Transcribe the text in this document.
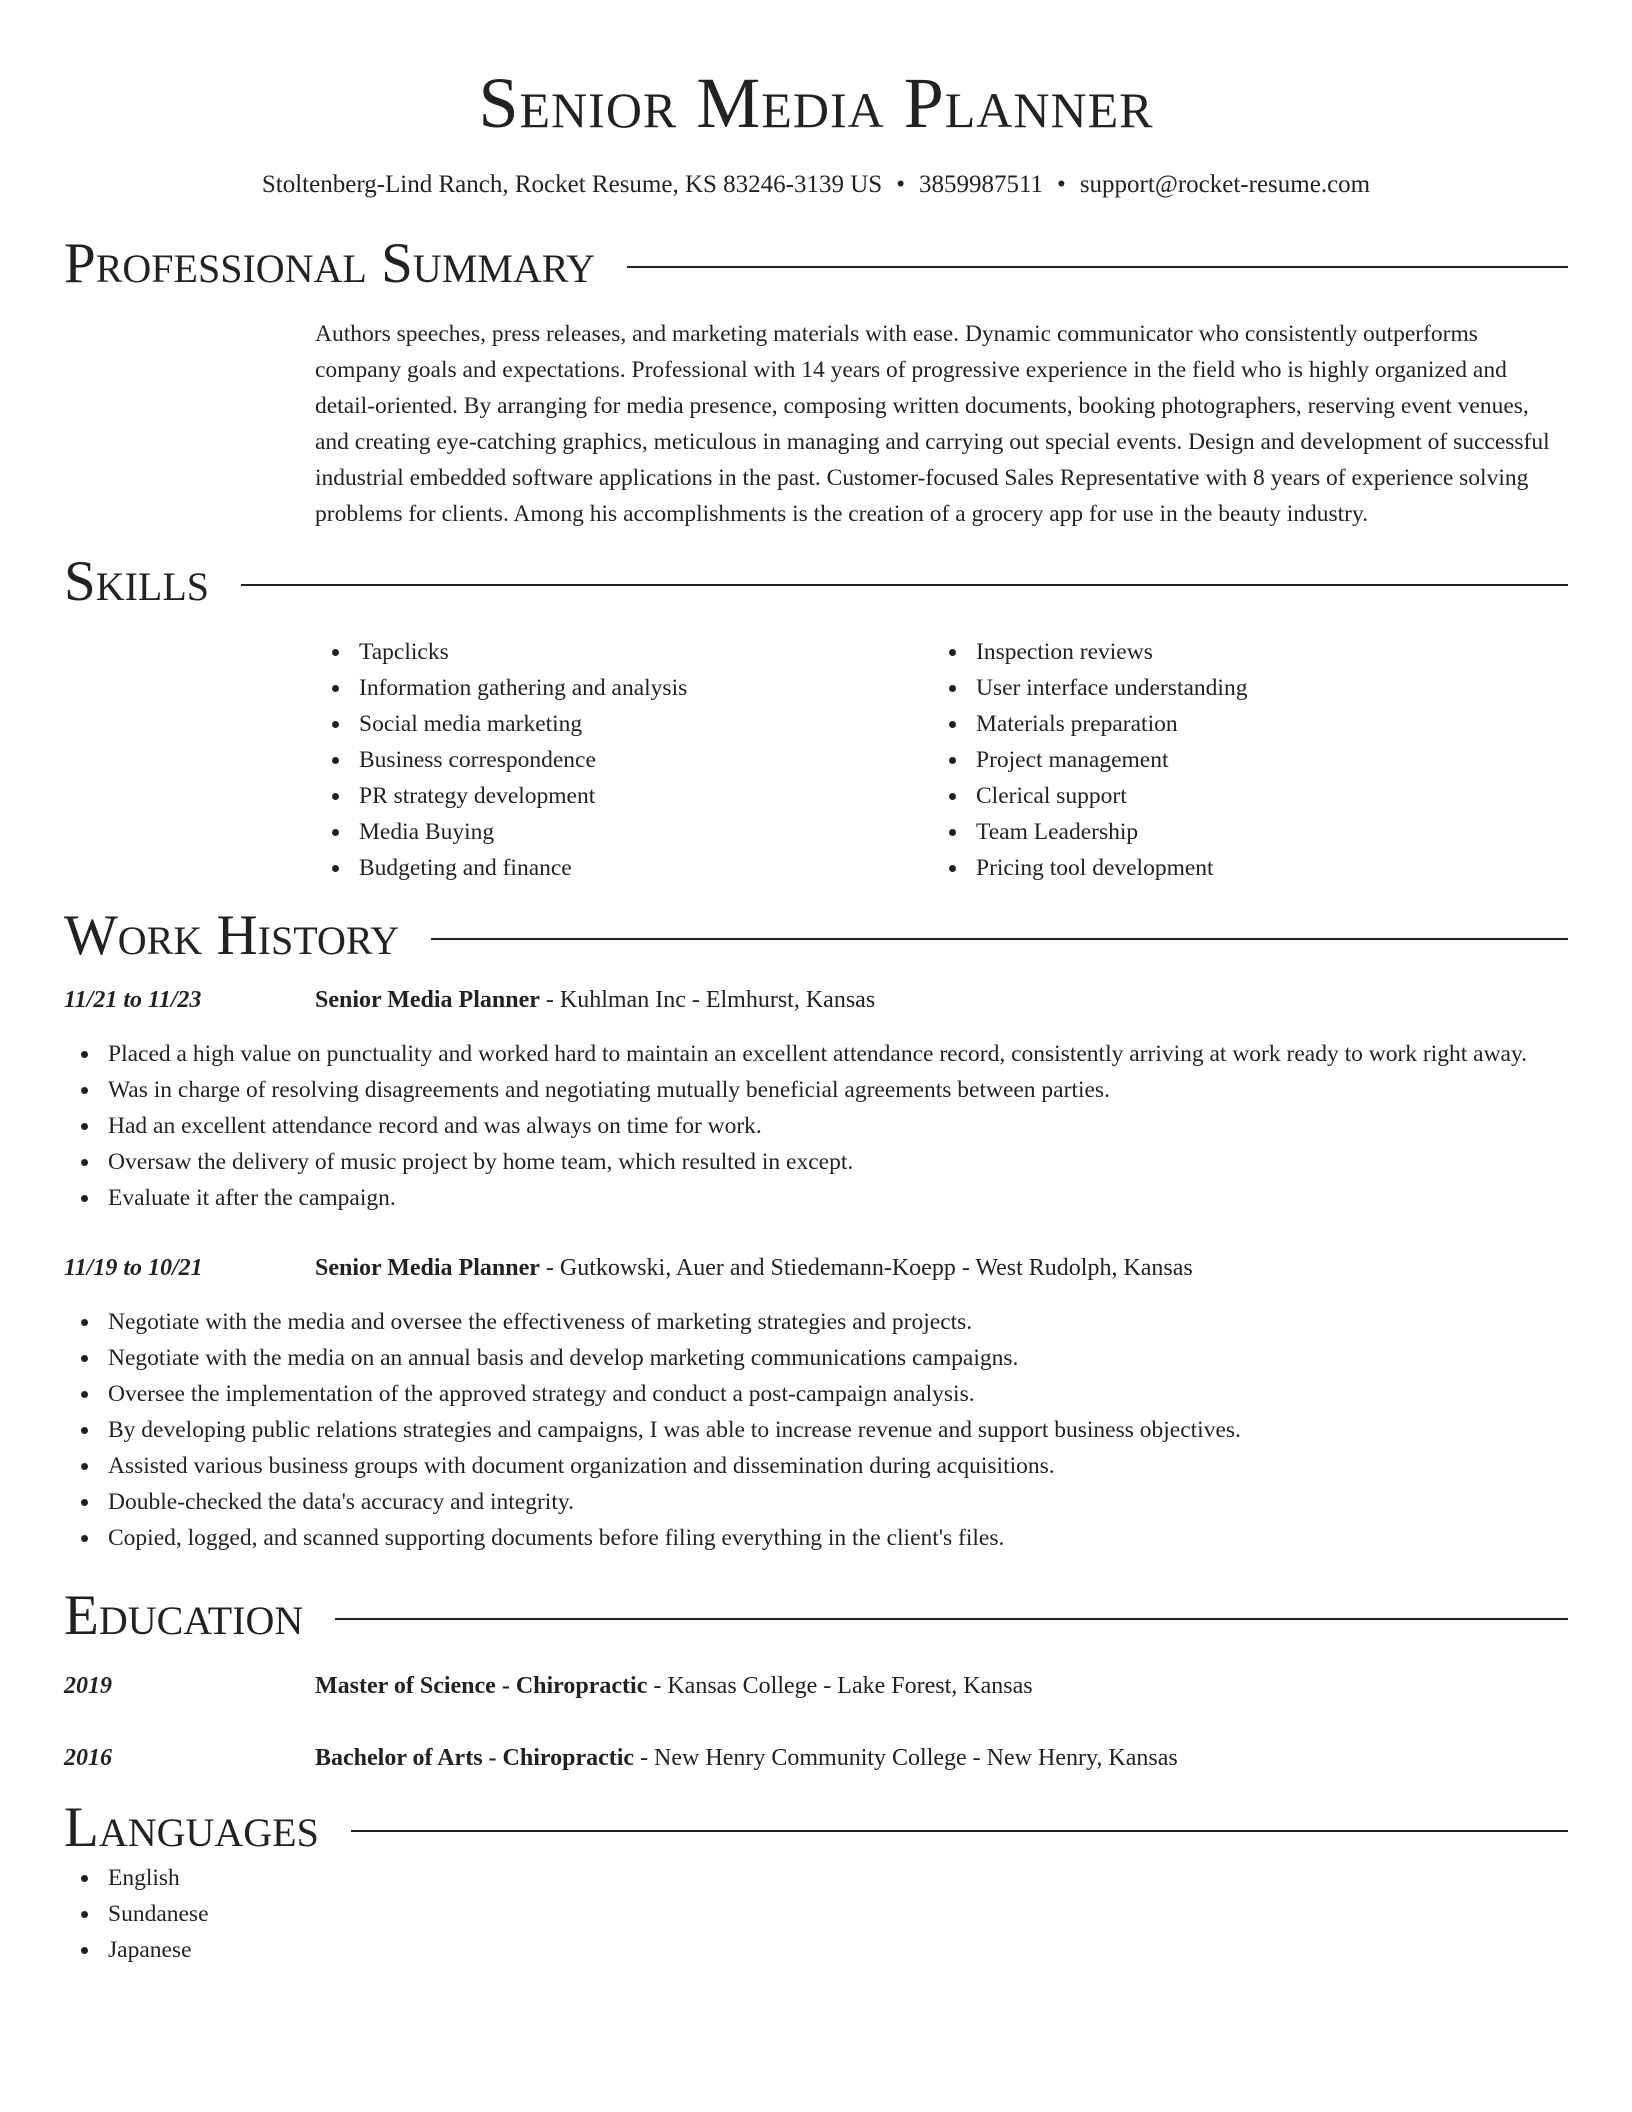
Senior Media Planner
Stoltenberg-Lind Ranch, Rocket Resume, KS 83246-3139 US • 3859987511 • support@rocket-resume.com
Professional Summary
Authors speeches, press releases, and marketing materials with ease. Dynamic communicator who consistently outperforms company goals and expectations. Professional with 14 years of progressive experience in the field who is highly organized and detail-oriented. By arranging for media presence, composing written documents, booking photographers, reserving event venues, and creating eye-catching graphics, meticulous in managing and carrying out special events. Design and development of successful industrial embedded software applications in the past. Customer-focused Sales Representative with 8 years of experience solving problems for clients. Among his accomplishments is the creation of a grocery app for use in the beauty industry.
Skills
Tapclicks
Information gathering and analysis
Social media marketing
Business correspondence
PR strategy development
Media Buying
Budgeting and finance
Inspection reviews
User interface understanding
Materials preparation
Project management
Clerical support
Team Leadership
Pricing tool development
Work History
11/21 to 11/23	Senior Media Planner - Kuhlman Inc - Elmhurst, Kansas
Placed a high value on punctuality and worked hard to maintain an excellent attendance record, consistently arriving at work ready to work right away.
Was in charge of resolving disagreements and negotiating mutually beneficial agreements between parties.
Had an excellent attendance record and was always on time for work.
Oversaw the delivery of music project by home team, which resulted in except.
Evaluate it after the campaign.
11/19 to 10/21	Senior Media Planner - Gutkowski, Auer and Stiedemann-Koepp - West Rudolph, Kansas
Negotiate with the media and oversee the effectiveness of marketing strategies and projects.
Negotiate with the media on an annual basis and develop marketing communications campaigns.
Oversee the implementation of the approved strategy and conduct a post-campaign analysis.
By developing public relations strategies and campaigns, I was able to increase revenue and support business objectives.
Assisted various business groups with document organization and dissemination during acquisitions.
Double-checked the data's accuracy and integrity.
Copied, logged, and scanned supporting documents before filing everything in the client's files.
Education
2019	Master of Science - Chiropractic - Kansas College - Lake Forest, Kansas
2016	Bachelor of Arts - Chiropractic - New Henry Community College - New Henry, Kansas
Languages
English
Sundanese
Japanese
